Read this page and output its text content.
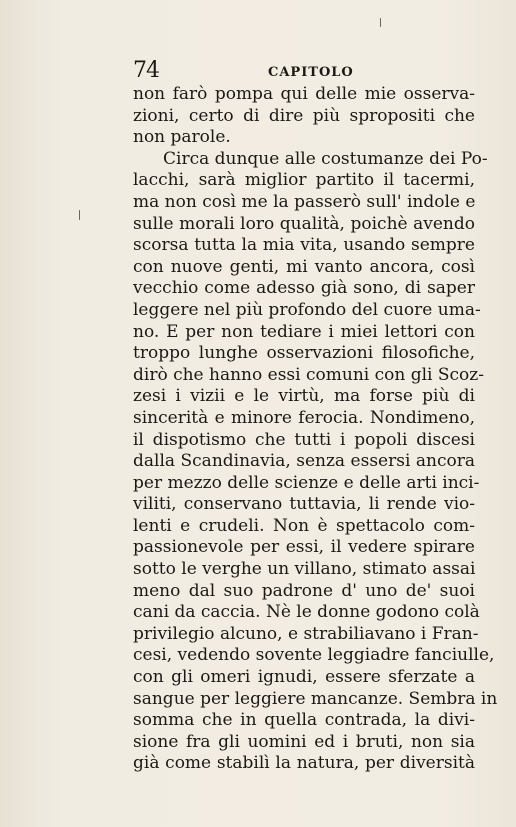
74	CAPITOLO
non farò pompa qui delle mie osserva-
zioni, certo di dire più spropositi che
non parole.
Circa dunque alle costumanze dei Po-
lacchi, sarà miglior partito il tacermi,
ma non così me la passerò sull' indole e
sulle morali loro qualità, poichè avendo
scorsa tutta la mia vita, usando sempre
con nuove genti, mi vanto ancora, così
vecchio come adesso già sono, di saper
leggere nel più profondo del cuore uma-
no. E per non tediare i miei lettori con
troppo lunghe osservazioni filosofiche,
dirò che hanno essi comuni con gli Scoz-
zesi i vizii e le virtù, ma forse più di
sincerità e minore ferocia. Nondimeno,
il dispotismo che tutti i popoli discesi
dalla Scandinavia, senza essersi ancora
per mezzo delle scienze e delle arti inci-
viliti, conservano tuttavia, li rende vio-
lenti e crudeli. Non è spettacolo com-
passionevole per essi, il vedere spirare
sotto le verghe un villano, stimato assai
meno dal suo padrone d' uno de' suoi
cani da caccia. Nè le donne godono colà
privilegio alcuno, e strabiliavano i Fran-
cesi, vedendo sovente leggiadre fanciulle,
con gli omeri ignudi, essere sferzate a
sangue per leggiere mancanze. Sembra in
somma che in quella contrada, la divi-
sione fra gli uomini ed i bruti, non sia
già come stabilì la natura, per diversità
